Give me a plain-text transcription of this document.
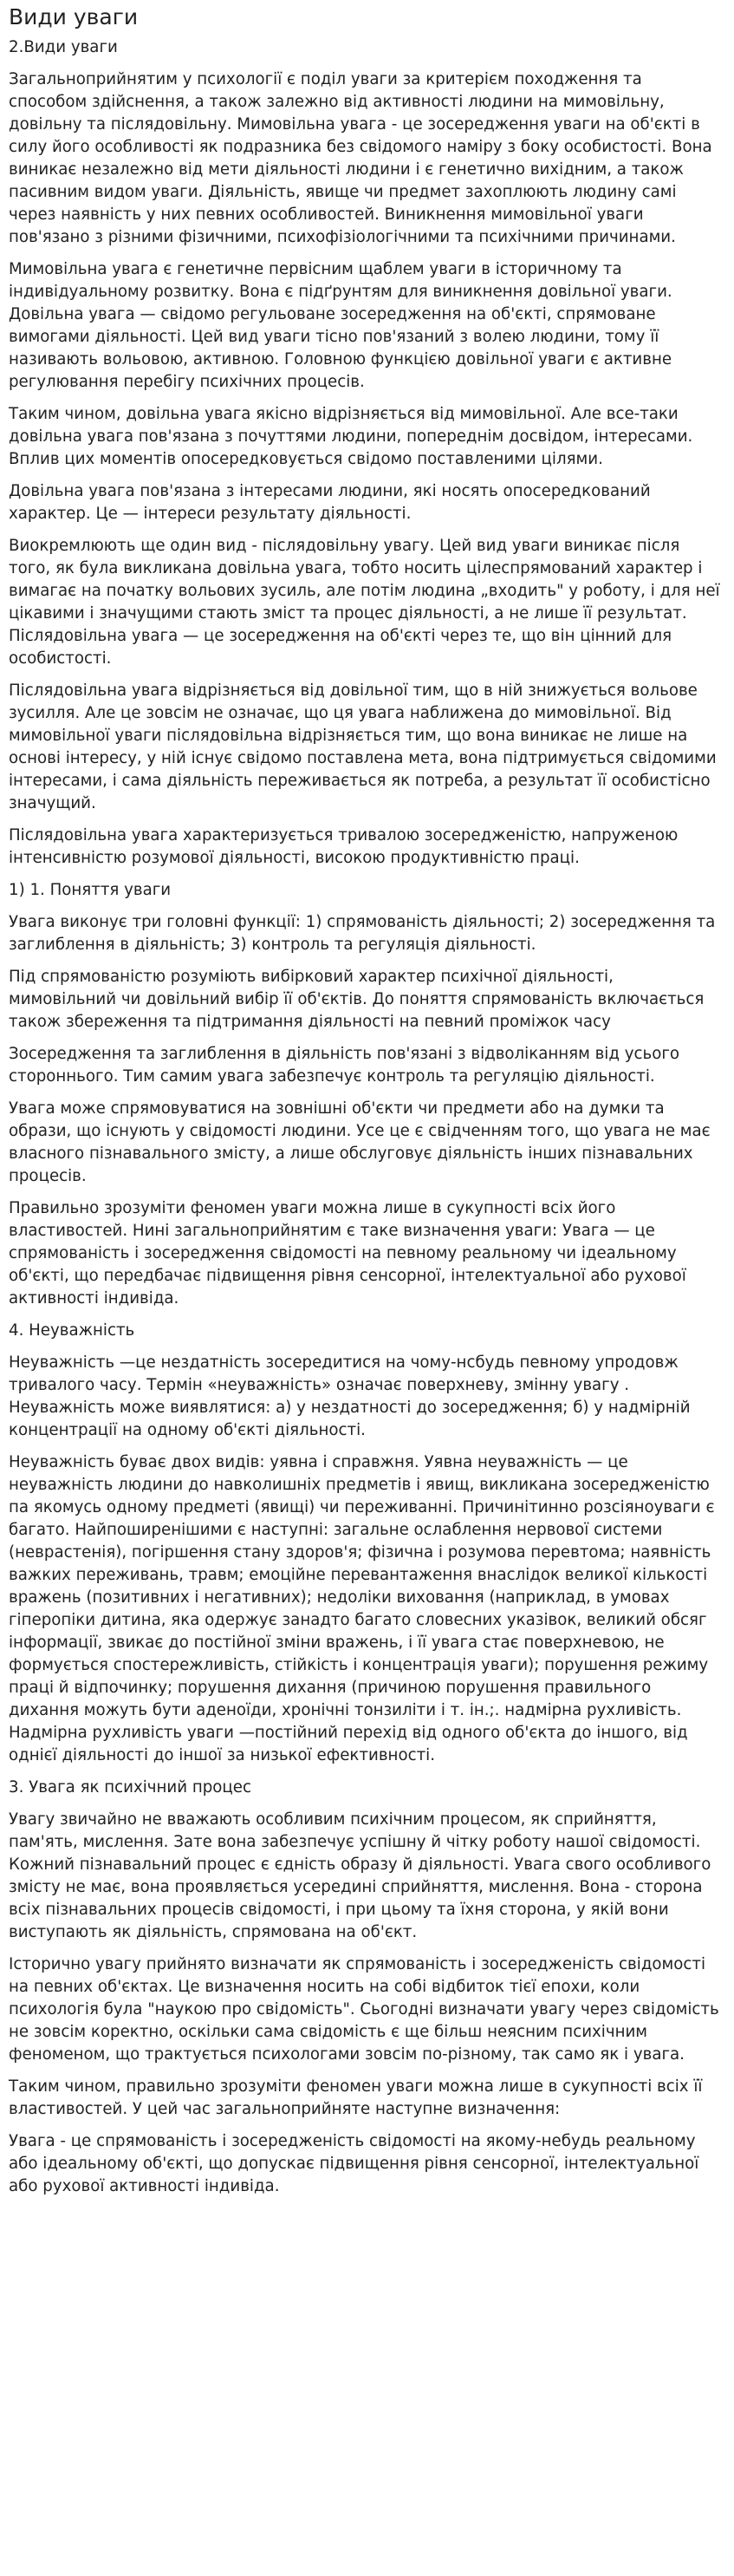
Види уваги

2.Види уваги

Загальноприйнятим у психології є поділ уваги за критерієм походження та способом здійснення, а також залежно від активності людини на мимовільну, довільну та післядовільну. Мимовільна увага - це зосередження уваги на об'єкті в силу його особливості як подразника без свідомого наміру з боку особистості. Вона виникає незалежно від мети діяльності людини і є генетично вихідним, а також пасивним видом уваги. Діяльність, явище чи предмет захоплюють людину самі через наявність у них певних особливостей. Виникнення мимовільної уваги пов'язано з різними фізичними, психофізіологічними та психічними причинами.

Мимовільна увага є генетичне первісним щаблем уваги в історичному та індивідуальному розвитку. Вона є підґрунтям для виникнення довільної уваги. Довільна увага — свідомо регульоване зосередження на об'єкті, спрямоване вимогами діяльності. Цей вид уваги тісно пов'язаний з волею людини, тому її називають вольовою, активною. Головною функцією довільної уваги є активне регулювання перебігу психічних процесів.

Таким чином, довільна увага якісно відрізняється від мимовільної. Але все-таки довільна увага пов'язана з почуттями людини, попереднім досвідом, інтересами. Вплив цих моментів опосередковується свідомо поставленими цілями.

Довільна увага пов'язана з інтересами людини, які носять опосередкований характер. Це — інтереси результату діяльності.

Виокремлюють ще один вид - післядовільну увагу. Цей вид уваги виникає після того, як була викликана довільна увага, тобто носить цілеспрямований характер і вимагає на початку вольових зусиль, але потім людина „входить" у роботу, і для неї цікавими і значущими стають зміст та процес діяльності, а не лише її результат. Післядовільна увага — це зосередження на об'єкті через те, що він цінний для особистості.

Післядовільна увага відрізняється від довільної тим, що в ній знижується вольове зусилля. Але це зовсім не означає, що ця увага наближена до мимовільної. Від мимовільної уваги післядовільна відрізняється тим, що вона виникає не лише на основі інтересу, у ній існує свідомо поставлена мета, вона підтримується свідомими інтересами, і сама діяльність переживається як потреба, а результат її особистісно значущий.

Післядовільна увага характеризується тривалою зосередженістю, напруженою інтенсивністю розумової діяльності, високою продуктивністю праці.

1) 1. Поняття уваги

Увага виконує три головні функції: 1) спрямованість діяльності; 2) зосередження та заглиблення в діяльність; 3) контроль та регуляція діяльності.

Під спрямованістю розуміють вибірковий характер психічної діяльності, мимовільний чи довільний вибір її об'єктів. До поняття спрямованість включається також збереження та підтримання діяльності на певний проміжок часу

Зосередження та заглиблення в діяльність пов'язані з відволіканням від усього стороннього. Тим самим увага забезпечує контроль та регуляцію діяльності.

Увага може спрямовуватися на зовнішні об'єкти чи предмети або на думки та образи, що існують у свідомості людини. Усе це є свідченням того, що увага не має власного пізнавального змісту, а лише обслуговує діяльність інших пізнавальних процесів.

Правильно зрозуміти феномен уваги можна лише в сукупності всіх його властивостей. Нині загальноприйнятим є таке визначення уваги: Увага — це спрямованість і зосередження свідомості на певному реальному чи ідеальному об'єкті, що передбачає підвищення рівня сенсорної, інтелектуальної або рухової активності індивіда.

4. Неуважність

Неуважність —це нездатність зосередитися на чому-нсбудь певному упродовж тривалого часу. Термін «неуважність» означає поверхневу, змінну увагу . Неуважність може виявлятися: а) у нездатності до зосередження; б) у надмірній концентрації на одному об'єкті діяльності.

Неуважність буває двох видів: уявна і справжня. Уявна неуважність — це неуважність людини до навколишніх предметів і явищ, викликана зосередженістю па якомусь одному предметі (явищі) чи переживанні. Причинітинно розсіяноуваги є багато. Найпоширенішими є наступні: загальне ослаблення нервової системи (неврастенія), погіршення стану здоров'я; фізична і розумова перевтома; наявність важких переживань, травм; емоційне перевантаження внаслідок великої кількості вражень (позитивних і негативних); недоліки виховання (наприклад, в умовах гіперопіки дитина, яка одержує занадто багато словесних указівок, великий обсяг інформації, звикає до постійної зміни вражень, і її увага стає поверхневою, не формується спостережливість, стійкість і концентрація уваги); порушення режиму праці й відпочинку; порушення дихання (причиною порушення правильного дихання можуть бути аденоїди, хронічні тонзиліти і т. ін.;. надмірна рухливість. Надмірна рухливість уваги —постійний перехід від одного об'єкта до іншого, від однієї діяльності до іншої за низької ефективності.

3. Увага як психічний процес

Увагу звичайно не вважають особливим психічним процесом, як сприйняття, пам'ять, мислення. Зате вона забезпечує успішну й чітку роботу нашої свідомості. Кожний пізнавальний процес є єдність образу й діяльності. Увага свого особливого змісту не має, вона проявляється усередині сприйняття, мислення. Вона - сторона всіх пізнавальних процесів свідомості, і при цьому та їхня сторона, у якій вони виступають як діяльність, спрямована на об'єкт.

Історично увагу прийнято визначати як спрямованість і зосередженість свідомості на певних об'єктах. Це визначення носить на собі відбиток тієї епохи, коли психологія була "наукою про свідомість". Сьогодні визначати увагу через свідомість не зовсім коректно, оскільки сама свідомість є ще більш неясним психічним феноменом, що трактується психологами зовсім по-різному, так само як і увага.

Таким чином, правильно зрозуміти феномен уваги можна лише в сукупності всіх її властивостей. У цей час загальноприйняте наступне визначення:

Увага - це спрямованість і зосередженість свідомості на якому-небудь реальному або ідеальному об'єкті, що допускає підвищення рівня сенсорної, інтелектуальної або рухової активності індивіда.
